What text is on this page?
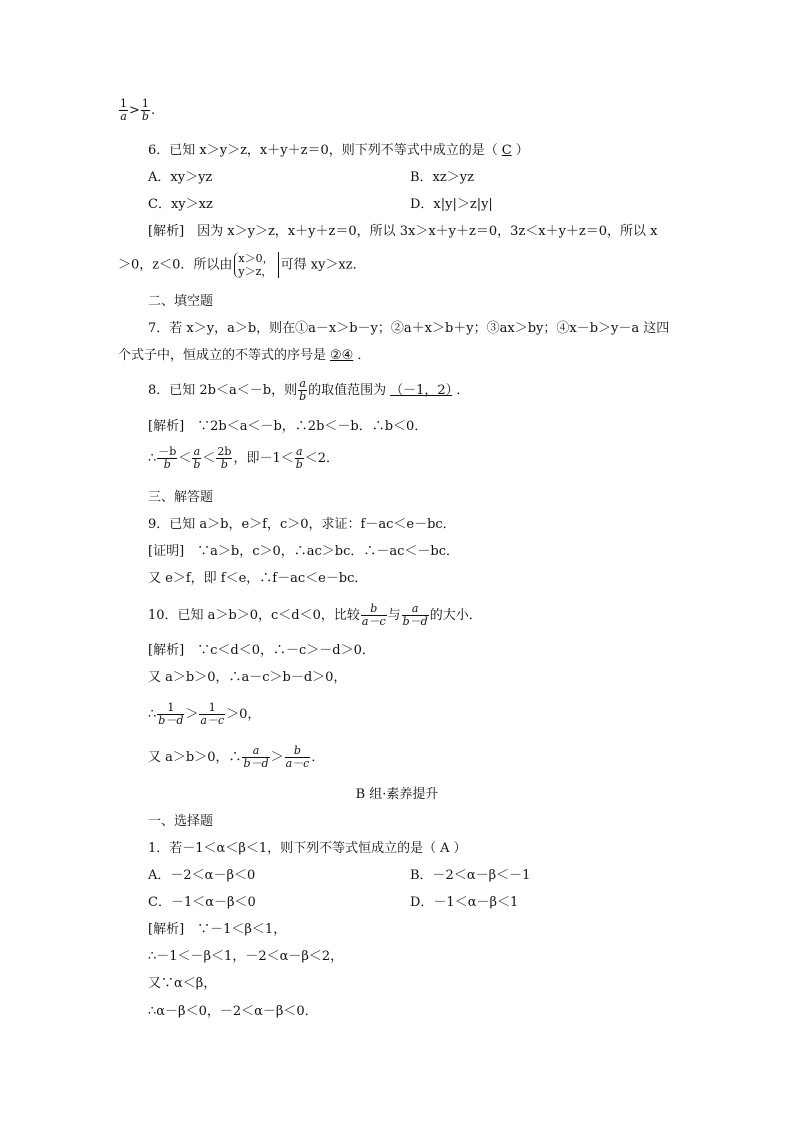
$\frac{1}{a} > \frac{1}{b}$ .
6．已知 x＞y＞z，x＋y＋z＝0，则下列不等式中成立的是（ C ）
A．xy＞yz	B．xz＞yz
C．xy＞xz	D．x|y|＞z|y|
[解析]　因为 x＞y＞z，x＋y＋z＝0，所以 3x＞x＋y＋z＝0，3z＜x＋y＋z＝0，所以 x
＞0，z＜0．所以由 x＞0，
y＞z， 可得 xy＞xz．
二、填空题
7．若 x＞y，a＞b，则在①a－x＞b－y；②a＋x＞b＋y；③ax＞by；④x－b＞y－a 这四
个式子中，恒成立的不等式的序号是 ②④ ．
8．已知 2b＜a＜－b，则 $\frac{a}{b}$ 的取值范围为 （－1，2） ．
[解析]　∵2b＜a＜－b，∴2b＜－b．∴b＜0．
∴ $\frac{-b}{b} < \frac{a}{b} < \frac{2b}{b}$ ，即$-1< \frac{a}{b} <2$．
三、解答题
9．已知 a＞b，e＞f，c＞0，求证：f－ac＜e－bc．
[证明]　∵a＞b，c＞0，∴ac＞bc．∴－ac＜－bc．
又 e＞f，即 f＜e，∴f－ac＜e－bc．
10．已知 a＞b＞0，c＜d＜0，比较 $\frac{b}{a-c}$ 与 $\frac{a}{b-d}$ 的大小．
[解析]　∵c＜d＜0，∴－c＞－d＞0．
又 a＞b＞0，∴a－c＞b－d＞0，
∴ $\frac{1}{b-d} > \frac{1}{a-c} >0$，
又 a＞b＞0，∴ $\frac{a}{b-d} > \frac{b}{a-c}$ ．
B 组·素养提升
一、选择题
1．若－1＜α＜β＜1，则下列不等式恒成立的是（ A ）
A．－2＜α－β＜0	B．－2＜α－β＜－1
C．－1＜α－β＜0	D．－1＜α－β＜1
[解析]　∵－1＜β＜1，
∴－1＜－β＜1，－2＜α－β＜2，
又∵α＜β，
∴α－β＜0，－2＜α－β＜0．
